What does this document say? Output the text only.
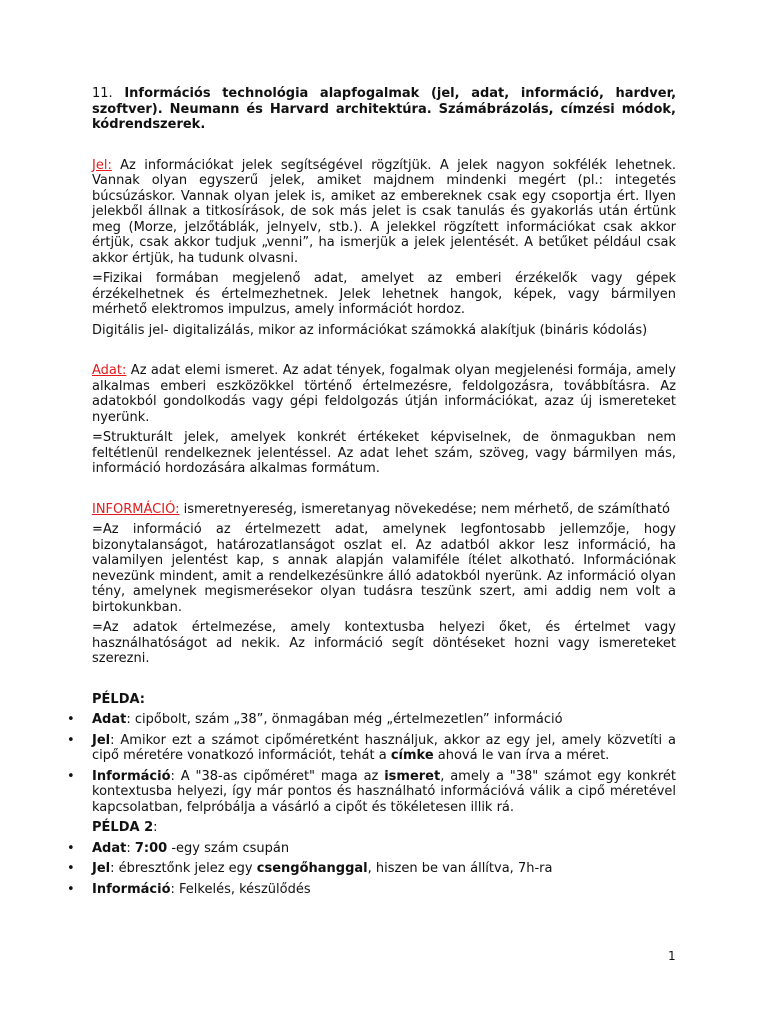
11. Információs technológia alapfogalmak (jel, adat, információ, hardver, szoftver). Neumann és Harvard architektúra. Számábrázolás, címzési módok, kódrendszerek.

Jel: Az információkat jelek segítségével rögzítjük. A jelek nagyon sokfélék lehetnek. Vannak olyan egyszerű jelek, amiket majdnem mindenki megért (pl.: integetés búcsúzáskor. Vannak olyan jelek is, amiket az embereknek csak egy csoportja ért. Ilyen jelekből állnak a titkosírások, de sok más jelet is csak tanulás és gyakorlás után értünk meg (Morze, jelzőtáblák, jelnyelv, stb.). A jelekkel rögzített információkat csak akkor értjük, csak akkor tudjuk „venni”, ha ismerjük a jelek jelentését. A betűket például csak akkor értjük, ha tudunk olvasni.

=Fizikai formában megjelenő adat, amelyet az emberi érzékelők vagy gépek érzékelhetnek és értelmezhetnek. Jelek lehetnek hangok, képek, vagy bármilyen mérhető elektromos impulzus, amely információt hordoz.

Digitális jel- digitalizálás, mikor az információkat számokká alakítjuk (bináris kódolás)

Adat: Az adat elemi ismeret. Az adat tények, fogalmak olyan megjelenési formája, amely alkalmas emberi eszközökkel történő értelmezésre, feldolgozásra, továbbításra. Az adatokból gondolkodás vagy gépi feldolgozás útján információkat, azaz új ismereteket nyerünk.

=Strukturált jelek, amelyek konkrét értékeket képviselnek, de önmagukban nem feltétlenül rendelkeznek jelentéssel. Az adat lehet szám, szöveg, vagy bármilyen más, információ hordozására alkalmas formátum.

INFORMÁCIÓ: ismeretnyereség, ismeretanyag növekedése; nem mérhető, de számítható

=Az információ az értelmezett adat, amelynek legfontosabb jellemzője, hogy bizonytalanságot, határozatlanságot oszlat el. Az adatból akkor lesz információ, ha valamilyen jelentést kap, s annak alapján valamiféle ítélet alkotható. Információnak nevezünk mindent, amit a rendelkezésünkre álló adatokból nyerünk. Az információ olyan tény, amelynek megismerésekor olyan tudásra teszünk szert, ami addig nem volt a birtokunkban.

=Az adatok értelmezése, amely kontextusba helyezi őket, és értelmet vagy használhatóságot ad nekik. Az információ segít döntéseket hozni vagy ismereteket szerezni.

PÉLDA:

• Adat: cipőbolt, szám „38”, önmagában még „értelmezetlen” információ
• Jel: Amikor ezt a számot cipőméretként használjuk, akkor az egy jel, amely közvetíti a cipő méretére vonatkozó információt, tehát a címke ahová le van írva a méret.
• Információ: A "38-as cipőméret" maga az ismeret, amely a "38" számot egy konkrét kontextusba helyezi, így már pontos és használható információvá válik a cipő méretével kapcsolatban, felpróbálja a vásárló a cipőt és tökéletesen illik rá.

PÉLDA 2:

• Adat: 7:00 -egy szám csupán
• Jel: ébresztőnk jelez egy csengőhanggal, hiszen be van állítva, 7h-ra
• Információ: Felkelés, készülődés
1
